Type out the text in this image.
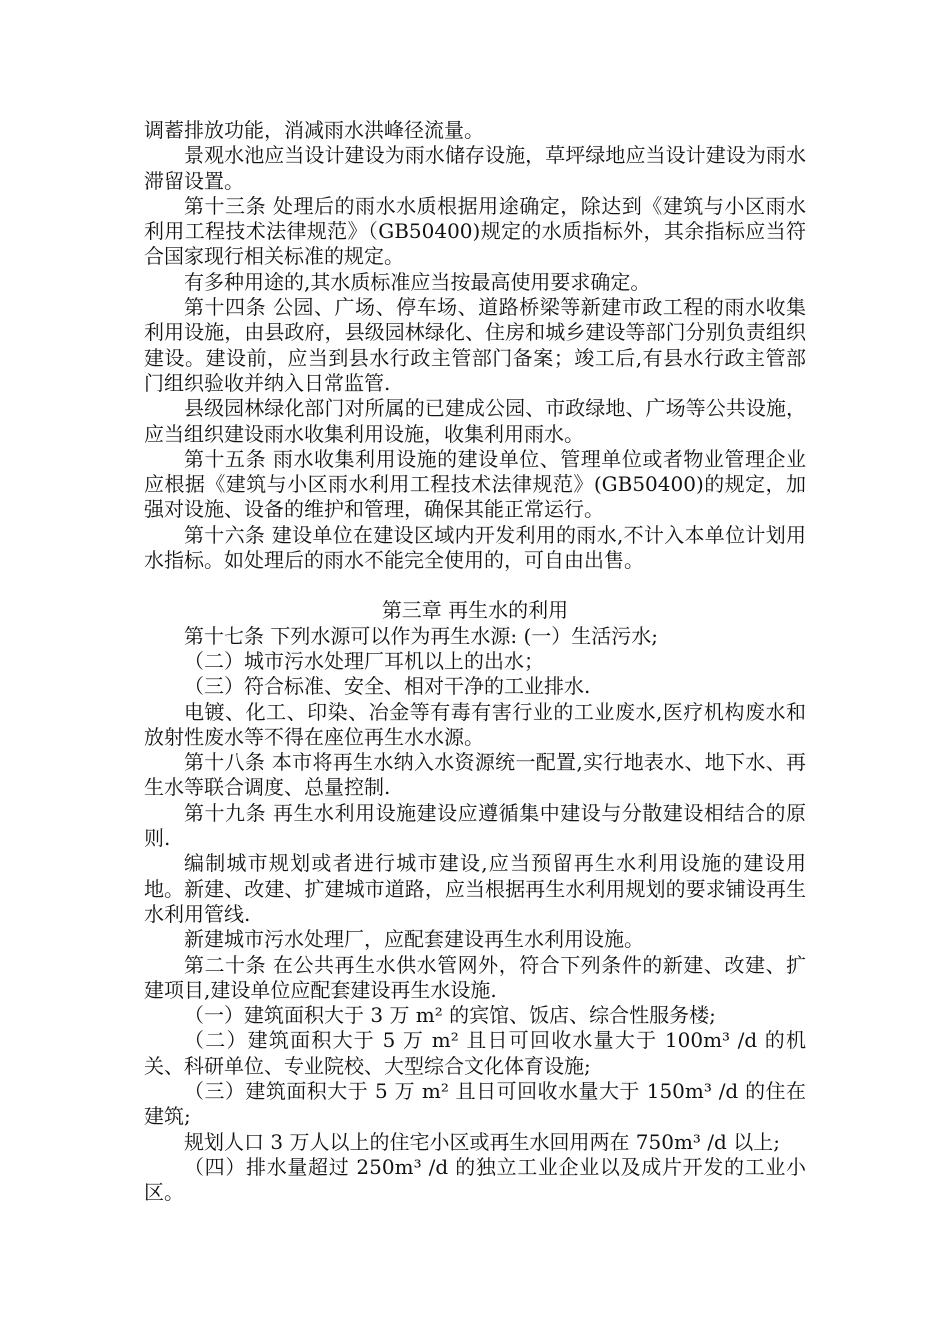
调蓄排放功能，消减雨水洪峰径流量。

景观水池应当设计建设为雨水储存设施，草坪绿地应当设计建设为雨水滞留设置。

第十三条 处理后的雨水水质根据用途确定，除达到《建筑与小区雨水利用工程技术法律规范》（GB50400)规定的水质指标外，其余指标应当符合国家现行相关标准的规定。

有多种用途的,其水质标准应当按最高使用要求确定。

第十四条 公园、广场、停车场、道路桥梁等新建市政工程的雨水收集利用设施，由县政府，县级园林绿化、住房和城乡建设等部门分别负责组织建设。建设前，应当到县水行政主管部门备案；竣工后,有县水行政主管部门组织验收并纳入日常监管.

县级园林绿化部门对所属的已建成公园、市政绿地、广场等公共设施，应当组织建设雨水收集利用设施，收集利用雨水。

第十五条 雨水收集利用设施的建设单位、管理单位或者物业管理企业应根据《建筑与小区雨水利用工程技术法律规范》(GB50400)的规定，加强对设施、设备的维护和管理，确保其能正常运行。

第十六条 建设单位在建设区域内开发利用的雨水,不计入本单位计划用水指标。如处理后的雨水不能完全使用的，可自由出售。

第三章 再生水的利用

第十七条 下列水源可以作为再生水源: (一）生活污水;

（二）城市污水处理厂耳机以上的出水；

（三）符合标准、安全、相对干净的工业排水.

电镀、化工、印染、冶金等有毒有害行业的工业废水,医疗机构废水和放射性废水等不得在座位再生水水源。

第十八条 本市将再生水纳入水资源统一配置,实行地表水、地下水、再生水等联合调度、总量控制.

第十九条 再生水利用设施建设应遵循集中建设与分散建设相结合的原则.

编制城市规划或者进行城市建设,应当预留再生水利用设施的建设用地。新建、改建、扩建城市道路，应当根据再生水利用规划的要求铺设再生水利用管线.

新建城市污水处理厂，应配套建设再生水利用设施。

第二十条 在公共再生水供水管网外，符合下列条件的新建、改建、扩建项目,建设单位应配套建设再生水设施.

（一）建筑面积大于 3 万 m² 的宾馆、饭店、综合性服务楼;

（二）建筑面积大于 5 万 m² 且日可回收水量大于 100m³ /d 的机关、科研单位、专业院校、大型综合文化体育设施;

（三）建筑面积大于 5 万 m² 且日可回收水量大于 150m³ /d 的住在建筑;

规划人口 3 万人以上的住宅小区或再生水回用两在 750m³ /d 以上;

（四）排水量超过 250m³ /d 的独立工业企业以及成片开发的工业小区。
